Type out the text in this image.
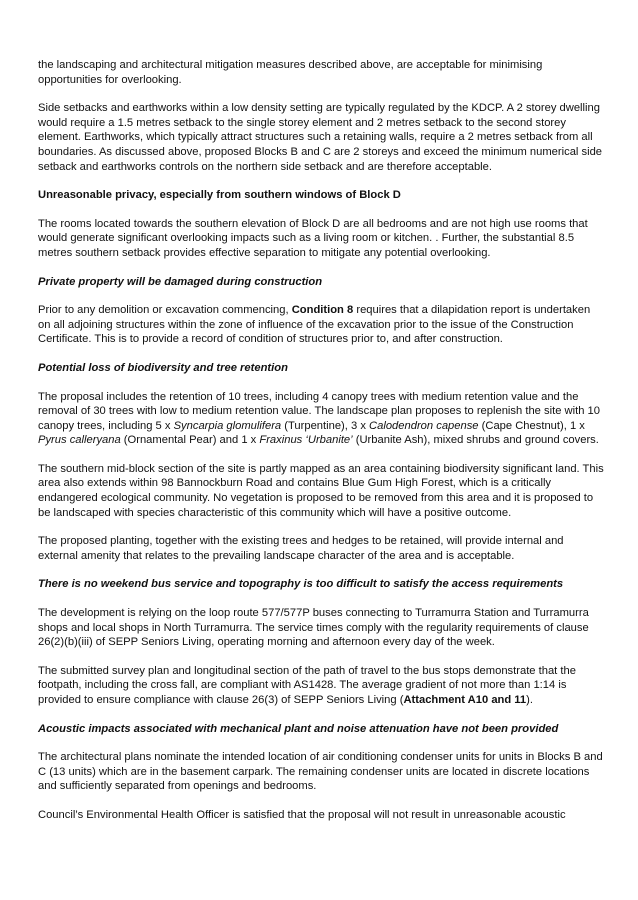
the landscaping and architectural mitigation measures described above, are acceptable for minimising opportunities for overlooking.

Side setbacks and earthworks within a low density setting are typically regulated by the KDCP. A 2 storey dwelling would require a 1.5 metres setback to the single storey element and 2 metres setback to the second storey element. Earthworks, which typically attract structures such a retaining walls, require a 2 metres setback from all boundaries. As discussed above, proposed Blocks B and C are 2 storeys and exceed the minimum numerical side setback and earthworks controls on the northern side setback and are therefore acceptable.

Unreasonable privacy, especially from southern windows of Block D

The rooms located towards the southern elevation of Block D are all bedrooms and are not high use rooms that would generate significant overlooking impacts such as a living room or kitchen. . Further, the substantial 8.5 metres southern setback provides effective separation to mitigate any potential overlooking.

Private property will be damaged during construction

Prior to any demolition or excavation commencing, Condition 8 requires that a dilapidation report is undertaken on all adjoining structures within the zone of influence of the excavation prior to the issue of the Construction Certificate. This is to provide a record of condition of structures prior to, and after construction.

Potential loss of biodiversity and tree retention

The proposal includes the retention of 10 trees, including 4 canopy trees with medium retention value and the removal of 30 trees with low to medium retention value. The landscape plan proposes to replenish the site with 10 canopy trees, including 5 x Syncarpia glomulifera (Turpentine), 3 x Calodendron capense (Cape Chestnut), 1 x Pyrus calleryana (Ornamental Pear) and 1 x Fraxinus ‘Urbanite’ (Urbanite Ash), mixed shrubs and ground covers.

The southern mid-block section of the site is partly mapped as an area containing biodiversity significant land. This area also extends within 98 Bannockburn Road and contains Blue Gum High Forest, which is a critically endangered ecological community. No vegetation is proposed to be removed from this area and it is proposed to be landscaped with species characteristic of this community which will have a positive outcome.

The proposed planting, together with the existing trees and hedges to be retained, will provide internal and external amenity that relates to the prevailing landscape character of the area and is acceptable.

There is no weekend bus service and topography is too difficult to satisfy the access requirements

The development is relying on the loop route 577/577P buses connecting to Turramurra Station and Turramurra shops and local shops in North Turramurra. The service times comply with the regularity requirements of clause 26(2)(b)(iii) of SEPP Seniors Living, operating morning and afternoon every day of the week.

The submitted survey plan and longitudinal section of the path of travel to the bus stops demonstrate that the footpath, including the cross fall, are compliant with AS1428. The average gradient of not more than 1:14 is provided to ensure compliance with clause 26(3) of SEPP Seniors Living (Attachment A10 and 11).

Acoustic impacts associated with mechanical plant and noise attenuation have not been provided

The architectural plans nominate the intended location of air conditioning condenser units for units in Blocks B and C (13 units) which are in the basement carpark. The remaining condenser units are located in discrete locations and sufficiently separated from openings and bedrooms.

Council’s Environmental Health Officer is satisfied that the proposal will not result in unreasonable acoustic
